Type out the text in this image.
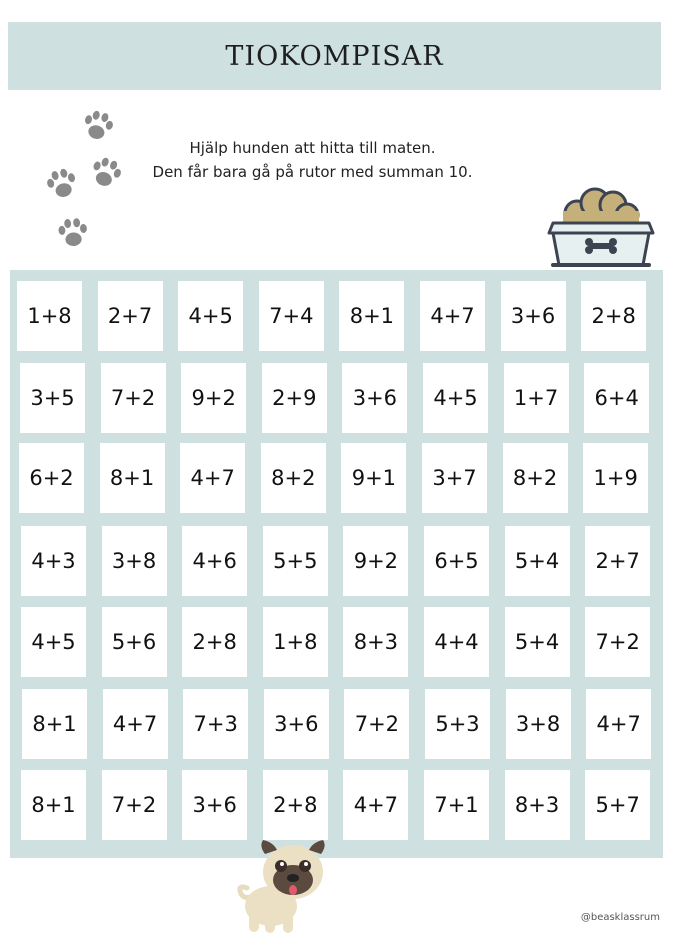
TIOKOMPISAR
Hjälp hunden att hitta till maten.
Den får bara gå på rutor med summan 10.
1+8	2+7	4+5	7+4	8+1	4+7	3+6	2+8
3+5	7+2	9+2	2+9	3+6	4+5	1+7	6+4
6+2	8+1	4+7	8+2	9+1	3+7	8+2	1+9
4+3	3+8	4+6	5+5	9+2	6+5	5+4	2+7
4+5	5+6	2+8	1+8	8+3	4+4	5+4	7+2
8+1	4+7	7+3	3+6	7+2	5+3	3+8	4+7
8+1	7+2	3+6	2+8	4+7	7+1	8+3	5+7
@beasklassrum
